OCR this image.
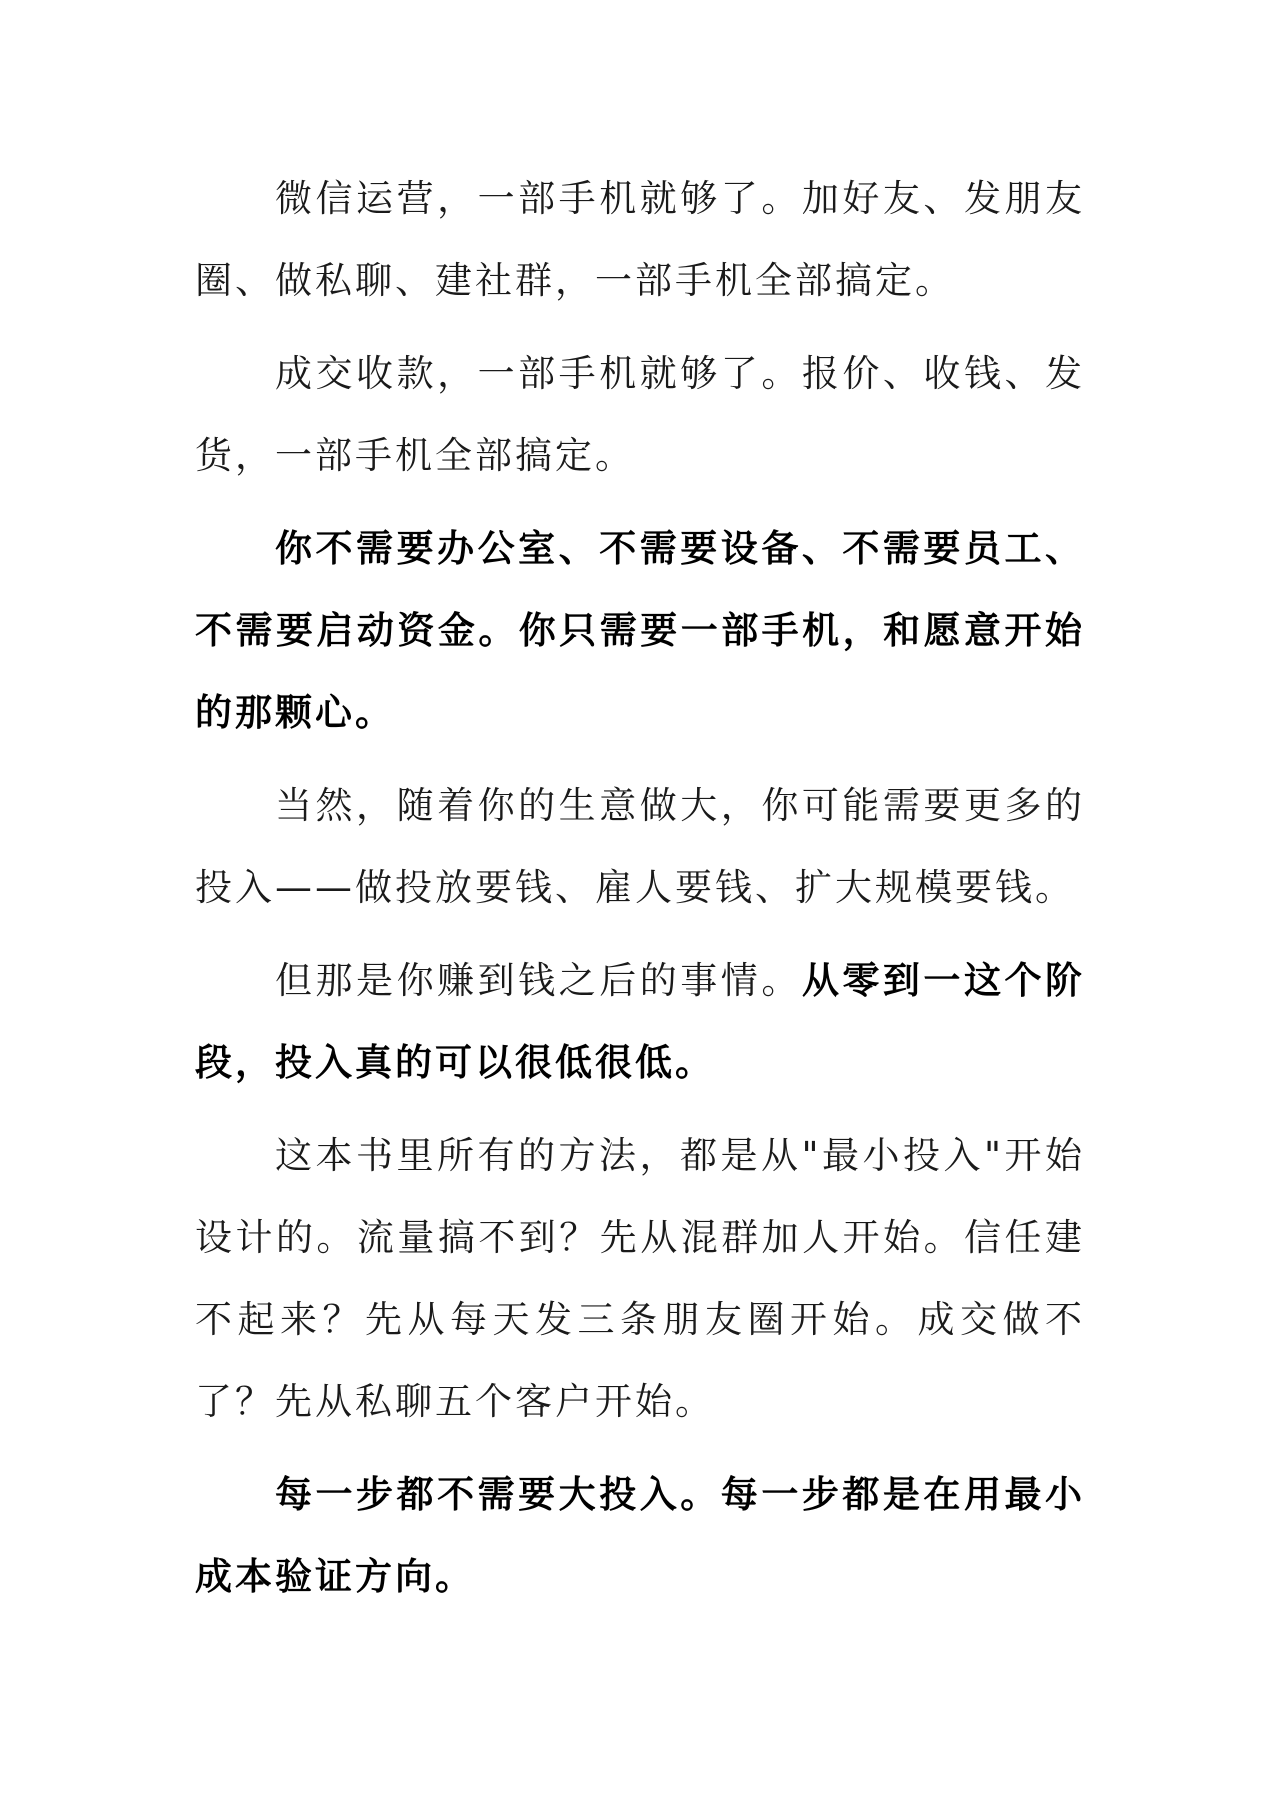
微信运营，一部手机就够了。加好友、发朋友圈、做私聊、建社群，一部手机全部搞定。

成交收款，一部手机就够了。报价、收钱、发货，一部手机全部搞定。

你不需要办公室、不需要设备、不需要员工、不需要启动资金。你只需要一部手机，和愿意开始的那颗心。

当然，随着你的生意做大，你可能需要更多的投入——做投放要钱、雇人要钱、扩大规模要钱。

但那是你赚到钱之后的事情。从零到一这个阶段，投入真的可以很低很低。

这本书里所有的方法，都是从"最小投入"开始设计的。流量搞不到？先从混群加人开始。信任建不起来？先从每天发三条朋友圈开始。成交做不了？先从私聊五个客户开始。

每一步都不需要大投入。每一步都是在用最小成本验证方向。
